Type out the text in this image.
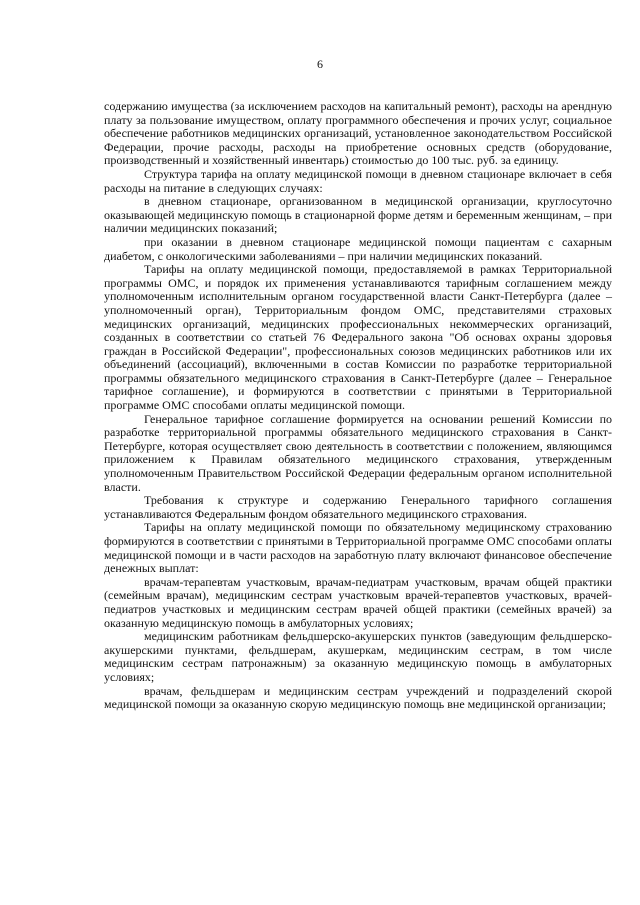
6

содержанию имущества (за исключением расходов на капитальный ремонт), расходы на арендную плату за пользование имуществом, оплату программного обеспечения и прочих услуг, социальное обеспечение работников медицинских организаций, установленное законодательством Российской Федерации, прочие расходы, расходы на приобретение основных средств (оборудование, производственный и хозяйственный инвентарь) стоимостью до 100 тыс. руб. за единицу.

Структура тарифа на оплату медицинской помощи в дневном стационаре включает в себя расходы на питание в следующих случаях:

в дневном стационаре, организованном в медицинской организации, круглосуточно оказывающей медицинскую помощь в стационарной форме детям и беременным женщинам, – при наличии медицинских показаний;

при оказании в дневном стационаре медицинской помощи пациентам с сахарным диабетом, с онкологическими заболеваниями – при наличии медицинских показаний.

Тарифы на оплату медицинской помощи, предоставляемой в рамках Территориальной программы ОМС, и порядок их применения устанавливаются тарифным соглашением между уполномоченным исполнительным органом государственной власти Санкт-Петербурга (далее – уполномоченный орган), Территориальным фондом ОМС, представителями страховых медицинских организаций, медицинских профессиональных некоммерческих организаций, созданных в соответствии со статьей 76 Федерального закона "Об основах охраны здоровья граждан в Российской Федерации", профессиональных союзов медицинских работников или их объединений (ассоциаций), включенными в состав Комиссии по разработке территориальной программы обязательного медицинского страхования в Санкт-Петербурге (далее – Генеральное тарифное соглашение), и формируются в соответствии с принятыми в Территориальной программе ОМС способами оплаты медицинской помощи.

Генеральное тарифное соглашение формируется на основании решений Комиссии по разработке территориальной программы обязательного медицинского страхования в Санкт-Петербурге, которая осуществляет свою деятельность в соответствии с положением, являющимся приложением к Правилам обязательного медицинского страхования, утвержденным уполномоченным Правительством Российской Федерации федеральным органом исполнительной власти.

Требования к структуре и содержанию Генерального тарифного соглашения устанавливаются Федеральным фондом обязательного медицинского страхования.

Тарифы на оплату медицинской помощи по обязательному медицинскому страхованию формируются в соответствии с принятыми в Территориальной программе ОМС способами оплаты медицинской помощи и в части расходов на заработную плату включают финансовое обеспечение денежных выплат:

врачам-терапевтам участковым, врачам-педиатрам участковым, врачам общей практики (семейным врачам), медицинским сестрам участковым врачей-терапевтов участковых, врачей-педиатров участковых и медицинским сестрам врачей общей практики (семейных врачей) за оказанную медицинскую помощь в амбулаторных условиях;

медицинским работникам фельдшерско-акушерских пунктов (заведующим фельдшерско-акушерскими пунктами, фельдшерам, акушеркам, медицинским сестрам, в том числе медицинским сестрам патронажным) за оказанную медицинскую помощь в амбулаторных условиях;

врачам, фельдшерам и медицинским сестрам учреждений и подразделений скорой медицинской помощи за оказанную скорую медицинскую помощь вне медицинской организации;
